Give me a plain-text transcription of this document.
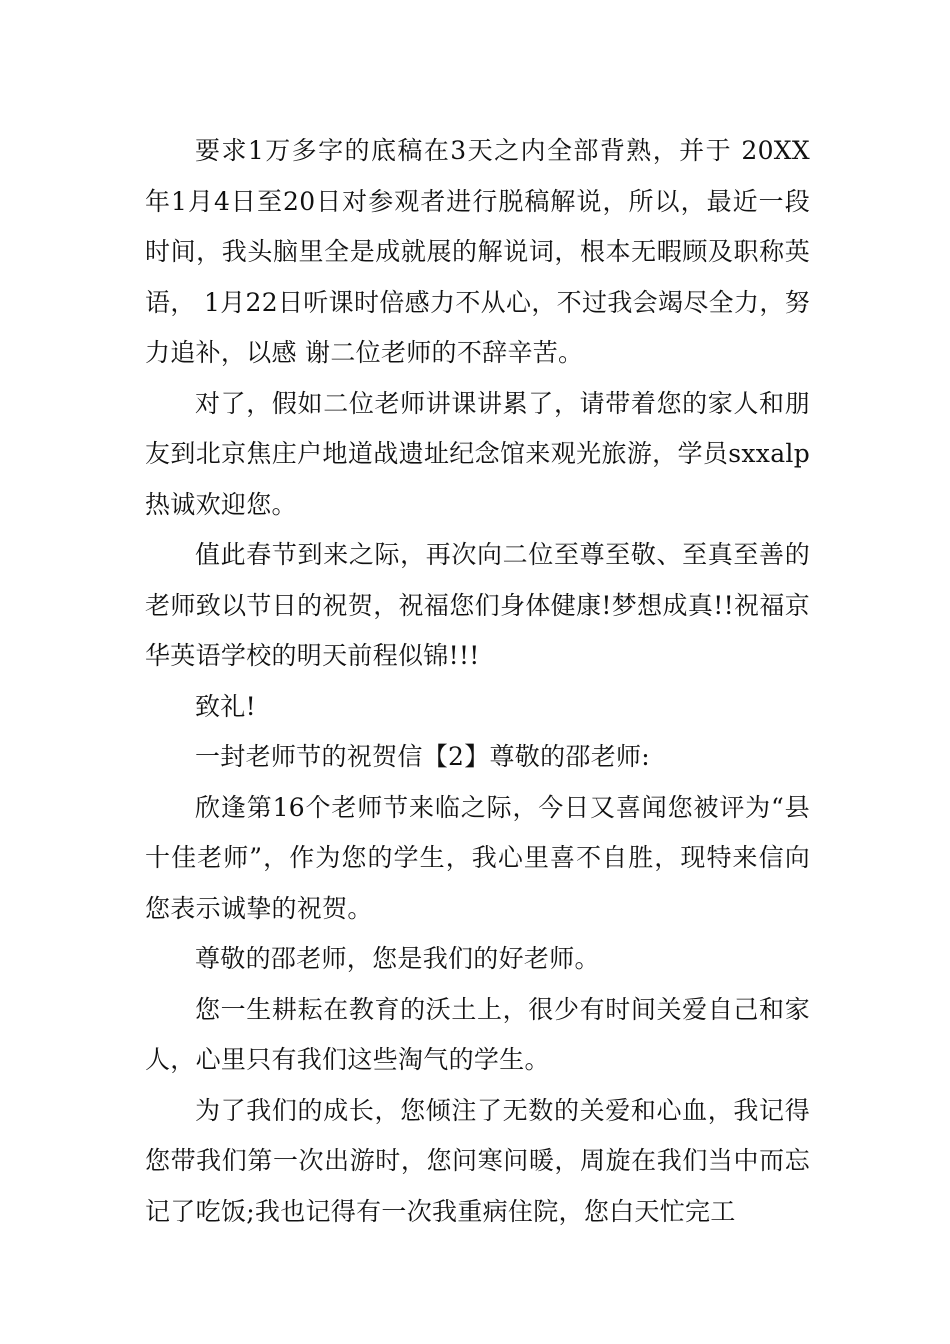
要求1万多字的底稿在3天之内全部背熟，并于 20XX年1月4日至20日对参观者进行脱稿解说，所以，最近一段时间，我头脑里全是成就展的解说词，根本无暇顾及职称英语， 1月22日听课时倍感力不从心，不过我会竭尽全力，努力追补，以感 谢二位老师的不辞辛苦。

对了，假如二位老师讲课讲累了，请带着您的家人和朋友到北京焦庄户地道战遗址纪念馆来观光旅游，学员sxxalp热诚欢迎您。

值此春节到来之际，再次向二位至尊至敬、至真至善的老师致以节日的祝贺，祝福您们身体健康!梦想成真!!祝福京华英语学校的明天前程似锦!!!

致礼!

一封老师节的祝贺信【2】尊敬的邵老师:

欣逢第16个老师节来临之际，今日又喜闻您被评为“县十佳老师”，作为您的学生，我心里喜不自胜，现特来信向您表示诚挚的祝贺。

尊敬的邵老师，您是我们的好老师。

您一生耕耘在教育的沃土上，很少有时间关爱自己和家人，心里只有我们这些淘气的学生。

为了我们的成长，您倾注了无数的关爱和心血，我记得您带我们第一次出游时，您问寒问暖，周旋在我们当中而忘记了吃饭;我也记得有一次我重病住院，您白天忙完工
